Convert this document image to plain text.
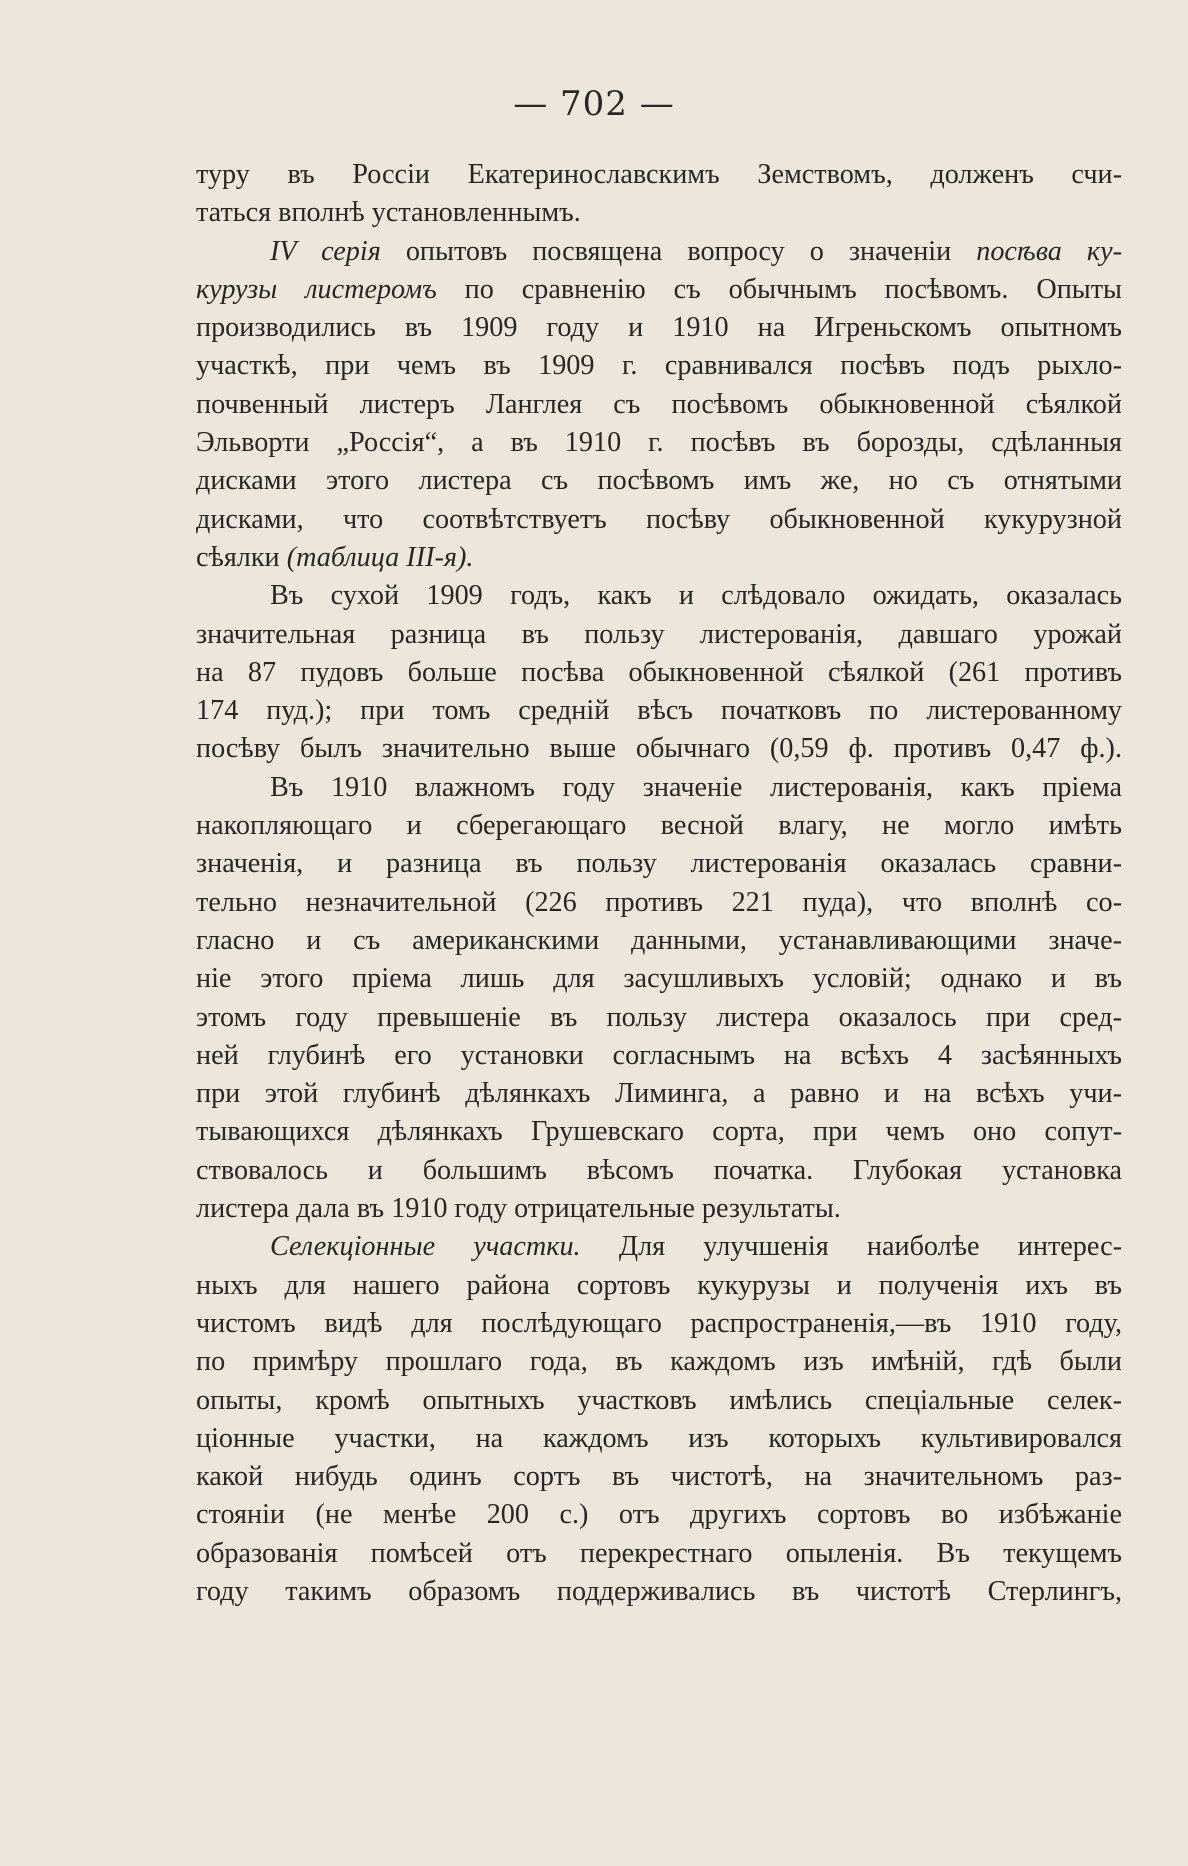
— 702 —
туру въ Россіи Екатеринославскимъ Земствомъ, долженъ счи-
таться вполнѣ установленнымъ.
IV серія опытовъ посвящена вопросу о значеніи посѣва ку-
курузы листеромъ по сравненію съ обычнымъ посѣвомъ. Опыты
производились въ 1909 году и 1910 на Игреньскомъ опытномъ
участкѣ, при чемъ въ 1909 г. сравнивался посѣвъ подъ рыхло-
почвенный листеръ Ланглея съ посѣвомъ обыкновенной сѣялкой
Эльворти „Россія“, а въ 1910 г. посѣвъ въ борозды, сдѣланныя
дисками этого листера съ посѣвомъ имъ же, но съ отнятыми
дисками, что соотвѣтствуетъ посѣву обыкновенной кукурузной
сѣялки (таблица III-я).
Въ сухой 1909 годъ, какъ и слѣдовало ожидать, оказалась
значительная разница въ пользу листерованія, давшаго урожай
на 87 пудовъ больше посѣва обыкновенной сѣялкой (261 противъ
174 пуд.); при томъ средній вѣсъ початковъ по листерованному
посѣву былъ значительно выше обычнаго (0,59 ф. противъ 0,47 ф.).
Въ 1910 влажномъ году значеніе листерованія, какъ пріема
накопляющаго и сберегающаго весной влагу, не могло имѣть
значенія, и разница въ пользу листерованія оказалась сравни-
тельно незначительной (226 противъ 221 пуда), что вполнѣ со-
гласно и съ американскими данными, устанавливающими значе-
ніе этого пріема лишь для засушливыхъ условій; однако и въ
этомъ году превышеніе въ пользу листера оказалось при сред-
ней глубинѣ его установки согласнымъ на всѣхъ 4 засѣянныхъ
при этой глубинѣ дѣлянкахъ Лиминга, а равно и на всѣхъ учи-
тывающихся дѣлянкахъ Грушевскаго сорта, при чемъ оно сопут-
ствовалось и большимъ вѣсомъ початка. Глубокая установка
листера дала въ 1910 году отрицательные результаты.
Селекціонные участки. Для улучшенія наиболѣе интерес-
ныхъ для нашего района сортовъ кукурузы и полученія ихъ въ
чистомъ видѣ для послѣдующаго распространенія,—въ 1910 году,
по примѣру прошлаго года, въ каждомъ изъ имѣній, гдѣ были
опыты, кромѣ опытныхъ участковъ имѣлись спеціальные селек-
ціонные участки, на каждомъ изъ которыхъ культивировался
какой нибудь одинъ сортъ въ чистотѣ, на значительномъ раз-
стояніи (не менѣе 200 с.) отъ другихъ сортовъ во избѣжаніе
образованія помѣсей отъ перекрестнаго опыленія. Въ текущемъ
году такимъ образомъ поддерживались въ чистотѣ Стерлингъ,
